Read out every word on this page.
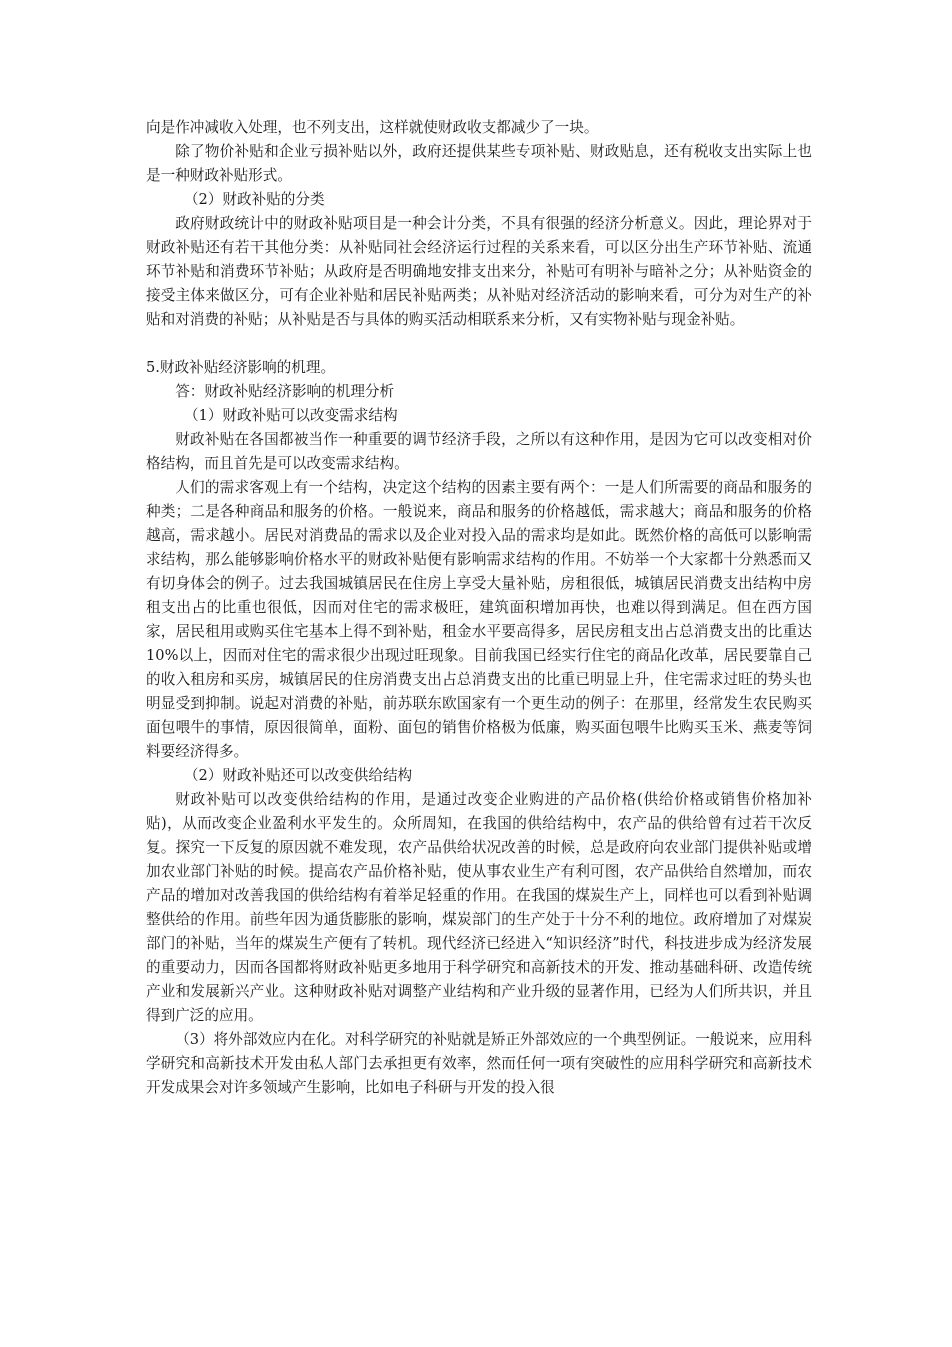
向是作冲减收入处理，也不列支出，这样就使财政收支都减少了一块。

除了物价补贴和企业亏损补贴以外，政府还提供某些专项补贴、财政贴息，还有税收支出实际上也是一种财政补贴形式。

（2）财政补贴的分类

政府财政统计中的财政补贴项目是一种会计分类，不具有很强的经济分析意义。因此，理论界对于财政补贴还有若干其他分类：从补贴同社会经济运行过程的关系来看，可以区分出生产环节补贴、流通环节补贴和消费环节补贴；从政府是否明确地安排支出来分，补贴可有明补与暗补之分；从补贴资金的接受主体来做区分，可有企业补贴和居民补贴两类；从补贴对经济活动的影响来看，可分为对生产的补贴和对消费的补贴；从补贴是否与具体的购买活动相联系来分析，又有实物补贴与现金补贴。

5.财政补贴经济影响的机理。

答：财政补贴经济影响的机理分析

（1）财政补贴可以改变需求结构

财政补贴在各国都被当作一种重要的调节经济手段，之所以有这种作用，是因为它可以改变相对价格结构，而且首先是可以改变需求结构。

人们的需求客观上有一个结构，决定这个结构的因素主要有两个：一是人们所需要的商品和服务的种类；二是各种商品和服务的价格。一般说来，商品和服务的价格越低，需求越大；商品和服务的价格越高，需求越小。居民对消费品的需求以及企业对投入品的需求均是如此。既然价格的高低可以影响需求结构，那么能够影响价格水平的财政补贴便有影响需求结构的作用。不妨举一个大家都十分熟悉而又有切身体会的例子。过去我国城镇居民在住房上享受大量补贴，房租很低，城镇居民消费支出结构中房租支出占的比重也很低，因而对住宅的需求极旺，建筑面积增加再快，也难以得到满足。但在西方国家，居民租用或购买住宅基本上得不到补贴，租金水平要高得多，居民房租支出占总消费支出的比重达 10%以上，因而对住宅的需求很少出现过旺现象。目前我国已经实行住宅的商品化改革，居民要靠自己的收入租房和买房，城镇居民的住房消费支出占总消费支出的比重已明显上升，住宅需求过旺的势头也明显受到抑制。说起对消费的补贴，前苏联东欧国家有一个更生动的例子：在那里，经常发生农民购买面包喂牛的事情，原因很简单，面粉、面包的销售价格极为低廉，购买面包喂牛比购买玉米、燕麦等饲料要经济得多。

（2）财政补贴还可以改变供给结构

财政补贴可以改变供给结构的作用，是通过改变企业购进的产品价格(供给价格或销售价格加补贴)，从而改变企业盈利水平发生的。众所周知，在我国的供给结构中，农产品的供给曾有过若干次反复。探究一下反复的原因就不难发现，农产品供给状况改善的时候，总是政府向农业部门提供补贴或增加农业部门补贴的时候。提高农产品价格补贴，使从事农业生产有利可图，农产品供给自然增加，而农产品的增加对改善我国的供给结构有着举足轻重的作用。在我国的煤炭生产上，同样也可以看到补贴调整供给的作用。前些年因为通货膨胀的影响，煤炭部门的生产处于十分不利的地位。政府增加了对煤炭部门的补贴，当年的煤炭生产便有了转机。现代经济已经进入“知识经济”时代，科技进步成为经济发展的重要动力，因而各国都将财政补贴更多地用于科学研究和高新技术的开发、推动基础科研、改造传统产业和发展新兴产业。这种财政补贴对调整产业结构和产业升级的显著作用，已经为人们所共识，并且得到广泛的应用。

（3）将外部效应内在化。对科学研究的补贴就是矫正外部效应的一个典型例证。一般说来，应用科学研究和高新技术开发由私人部门去承担更有效率，然而任何一项有突破性的应用科学研究和高新技术开发成果会对许多领域产生影响，比如电子科研与开发的投入很
